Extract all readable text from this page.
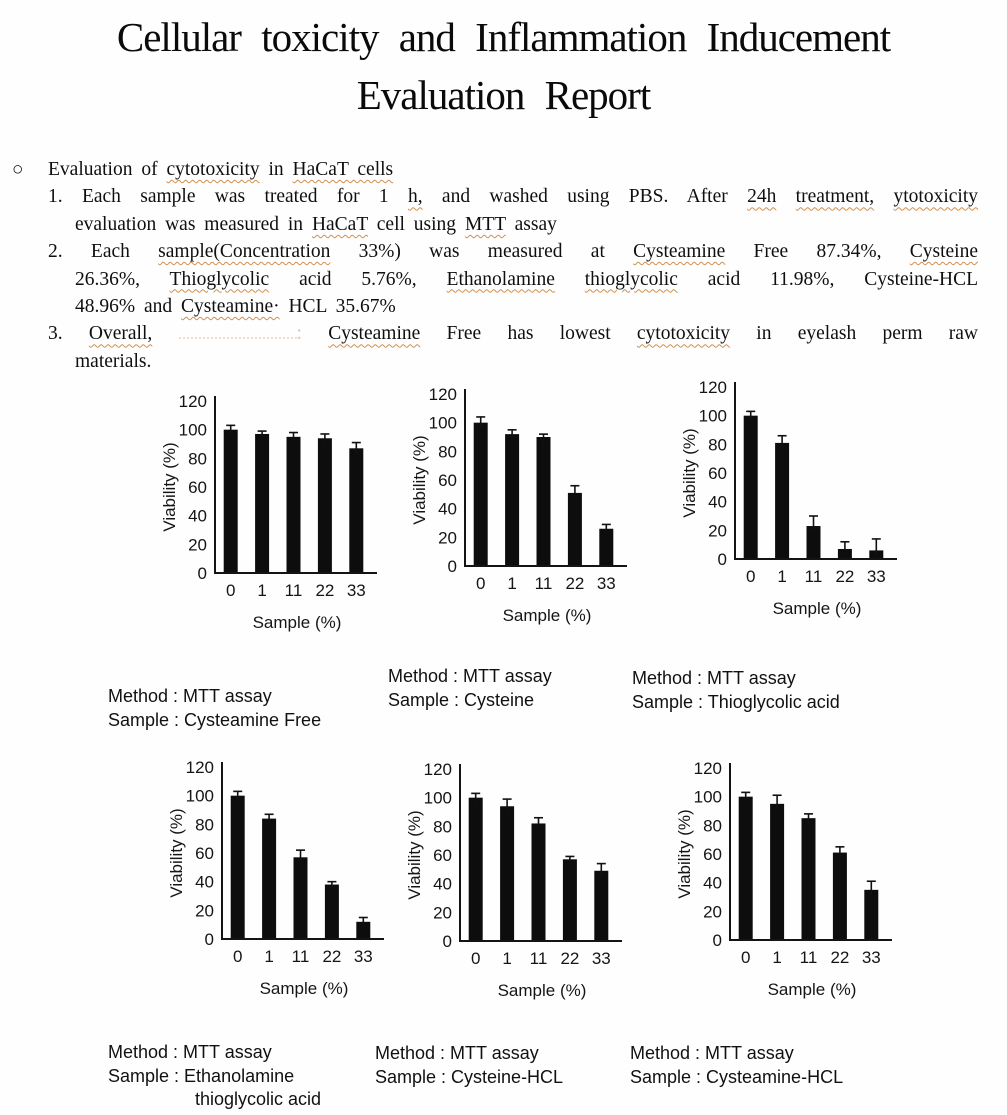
Cellular toxicity and Inflammation Inducement
Evaluation Report
○ Evaluation of cytotoxicity in HaCaT cells
1. Each sample was treated for 1 h, and washed using PBS. After 24h treatment, ytotoxicity
evaluation was measured in HaCaT cell using MTT assay
2. Each sample(Concentration 33%) was measured at Cysteamine Free 87.34%, Cysteine
26.36%, Thioglycolic acid 5.76%, Ethanolamine thioglycolic acid 11.98%, Cysteine-HCL
48.96% and Cysteamine· HCL 35.67%
3. Overall,	: Cysteamine Free has lowest cytotoxicity in eyelash perm raw
materials.
Viability (%)
0
20
40
60
80
100
120
0 1 11 22 33
Sample (%)
Viability (%)
0
20
40
60
80
100
120
0 1 11 22 33
Sample (%)
Viability (%)
0
20
40
60
80
100
120
0 1 11 22 33
Sample (%)
Viability (%)
0
20
40
60
80
100
120
0 1 11 22 33
Sample (%)
Viability (%)
0
20
40
60
80
100
120
0 1 11 22 33
Sample (%)
Viability (%)
0
20
40
60
80
100
120
0 1 11 22 33
Sample (%)
Method : MTT assay
Sample : Cysteamine Free
Method : MTT assay
Sample : Cysteine
Method : MTT assay
Sample : Thioglycolic acid
Method : MTT assay
Sample : Ethanolamine
thioglycolic acid
Method : MTT assay
Sample : Cysteine-HCL
Method : MTT assay
Sample : Cysteamine-HCL
